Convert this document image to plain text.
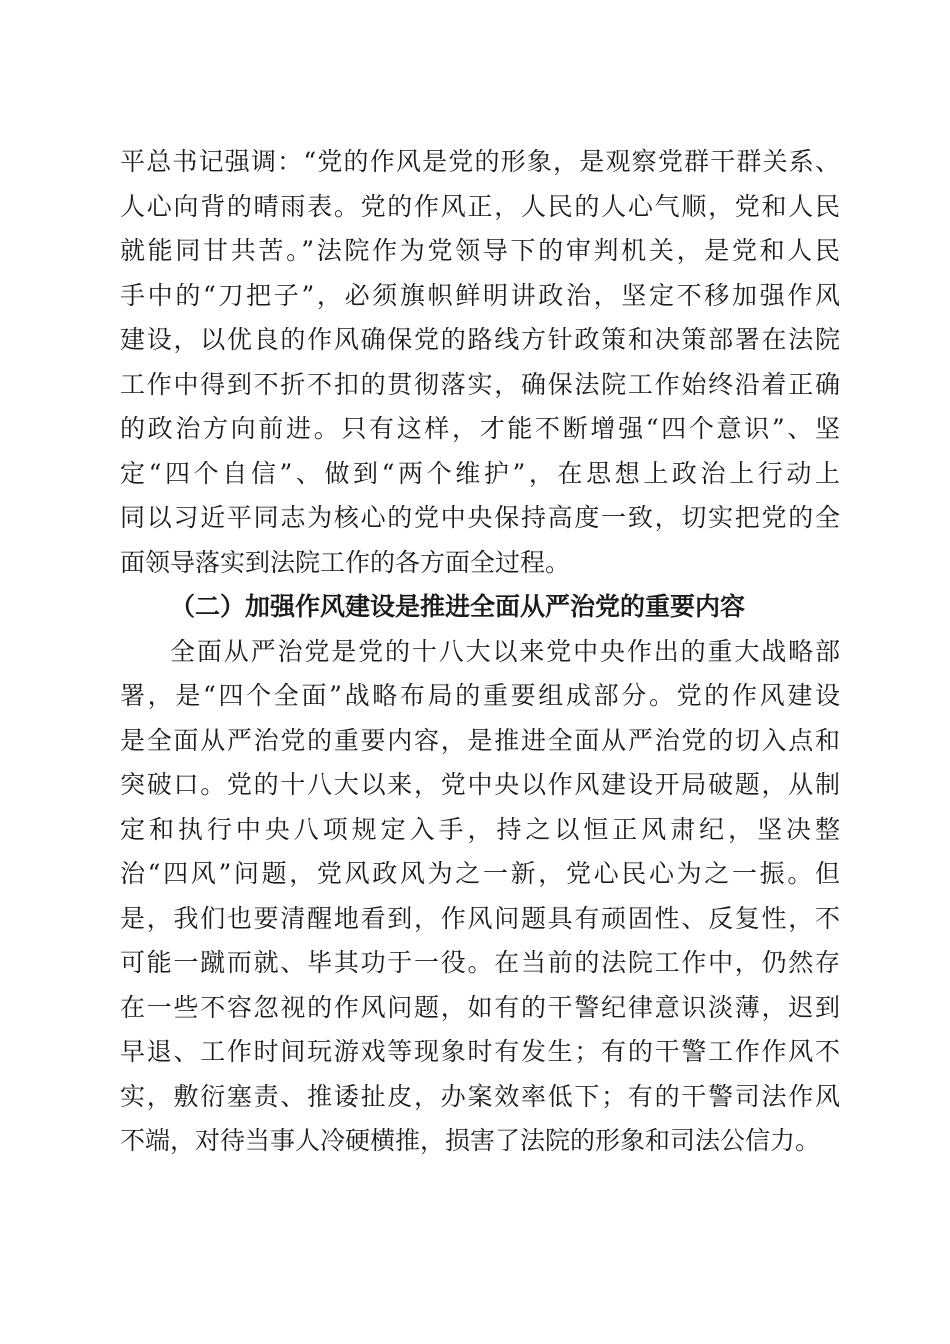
平总书记强调：“党的作风是党的形象，是观察党群干群关系、
人心向背的晴雨表。党的作风正，人民的人心气顺，党和人民
就能同甘共苦。”法院作为党领导下的审判机关，是党和人民
手中的“刀把子”，必须旗帜鲜明讲政治，坚定不移加强作风
建设，以优良的作风确保党的路线方针政策和决策部署在法院
工作中得到不折不扣的贯彻落实，确保法院工作始终沿着正确
的政治方向前进。只有这样，才能不断增强“四个意识”、坚
定“四个自信”、做到“两个维护”，在思想上政治上行动上
同以习近平同志为核心的党中央保持高度一致，切实把党的全
面领导落实到法院工作的各方面全过程。
（二）加强作风建设是推进全面从严治党的重要内容
全面从严治党是党的十八大以来党中央作出的重大战略部
署，是“四个全面”战略布局的重要组成部分。党的作风建设
是全面从严治党的重要内容，是推进全面从严治党的切入点和
突破口。党的十八大以来，党中央以作风建设开局破题，从制
定和执行中央八项规定入手，持之以恒正风肃纪，坚决整
治“四风”问题，党风政风为之一新，党心民心为之一振。但
是，我们也要清醒地看到，作风问题具有顽固性、反复性，不
可能一蹴而就、毕其功于一役。在当前的法院工作中，仍然存
在一些不容忽视的作风问题，如有的干警纪律意识淡薄，迟到
早退、工作时间玩游戏等现象时有发生；有的干警工作作风不
实，敷衍塞责、推诿扯皮，办案效率低下；有的干警司法作风
不端，对待当事人冷硬横推，损害了法院的形象和司法公信力。
